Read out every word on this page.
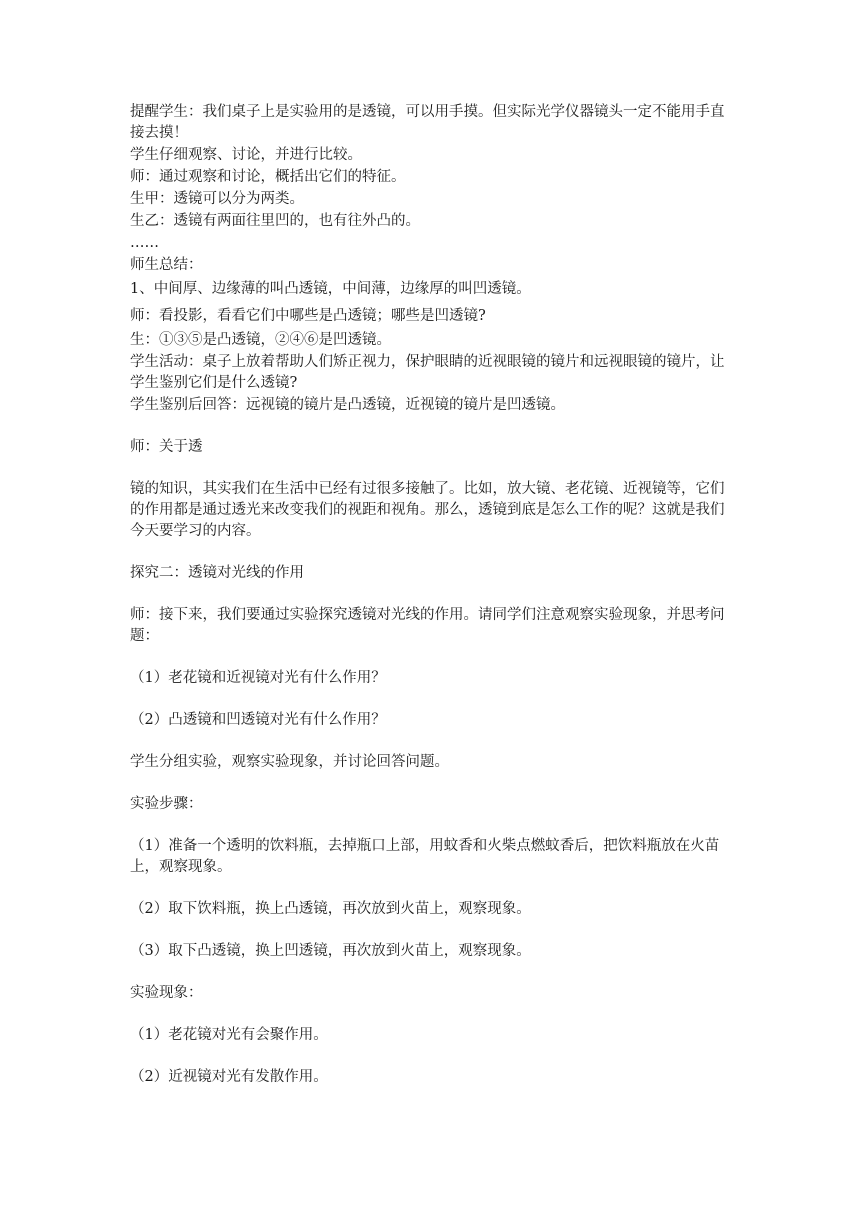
提醒学生：我们桌子上是实验用的是透镜，可以用手摸。但实际光学仪器镜头一定不能用手直接去摸！

学生仔细观察、讨论，并进行比较。

师：通过观察和讨论，概括出它们的特征。

生甲：透镜可以分为两类。

生乙：透镜有两面往里凹的，也有往外凸的。

……

师生总结：

1、中间厚、边缘薄的叫凸透镜，中间薄，边缘厚的叫凹透镜。

师：看投影，看看它们中哪些是凸透镜；哪些是凹透镜?

生：①③⑤是凸透镜，②④⑥是凹透镜。

学生活动：桌子上放着帮助人们矫正视力，保护眼睛的近视眼镜的镜片和远视眼镜的镜片，让学生鉴别它们是什么透镜?

学生鉴别后回答：远视镜的镜片是凸透镜，近视镜的镜片是凹透镜。

师：关于透

镜的知识，其实我们在生活中已经有过很多接触了。比如，放大镜、老花镜、近视镜等，它们的作用都是通过透光来改变我们的视距和视角。那么，透镜到底是怎么工作的呢？这就是我们今天要学习的内容。

探究二：透镜对光线的作用

师：接下来，我们要通过实验探究透镜对光线的作用。请同学们注意观察实验现象，并思考问题：

（1）老花镜和近视镜对光有什么作用？

（2）凸透镜和凹透镜对光有什么作用？

学生分组实验，观察实验现象，并讨论回答问题。

实验步骤：

（1）准备一个透明的饮料瓶，去掉瓶口上部，用蚊香和火柴点燃蚊香后，把饮料瓶放在火苗上，观察现象。

（2）取下饮料瓶，换上凸透镜，再次放到火苗上，观察现象。

（3）取下凸透镜，换上凹透镜，再次放到火苗上，观察现象。

实验现象：

（1）老花镜对光有会聚作用。

（2）近视镜对光有发散作用。
